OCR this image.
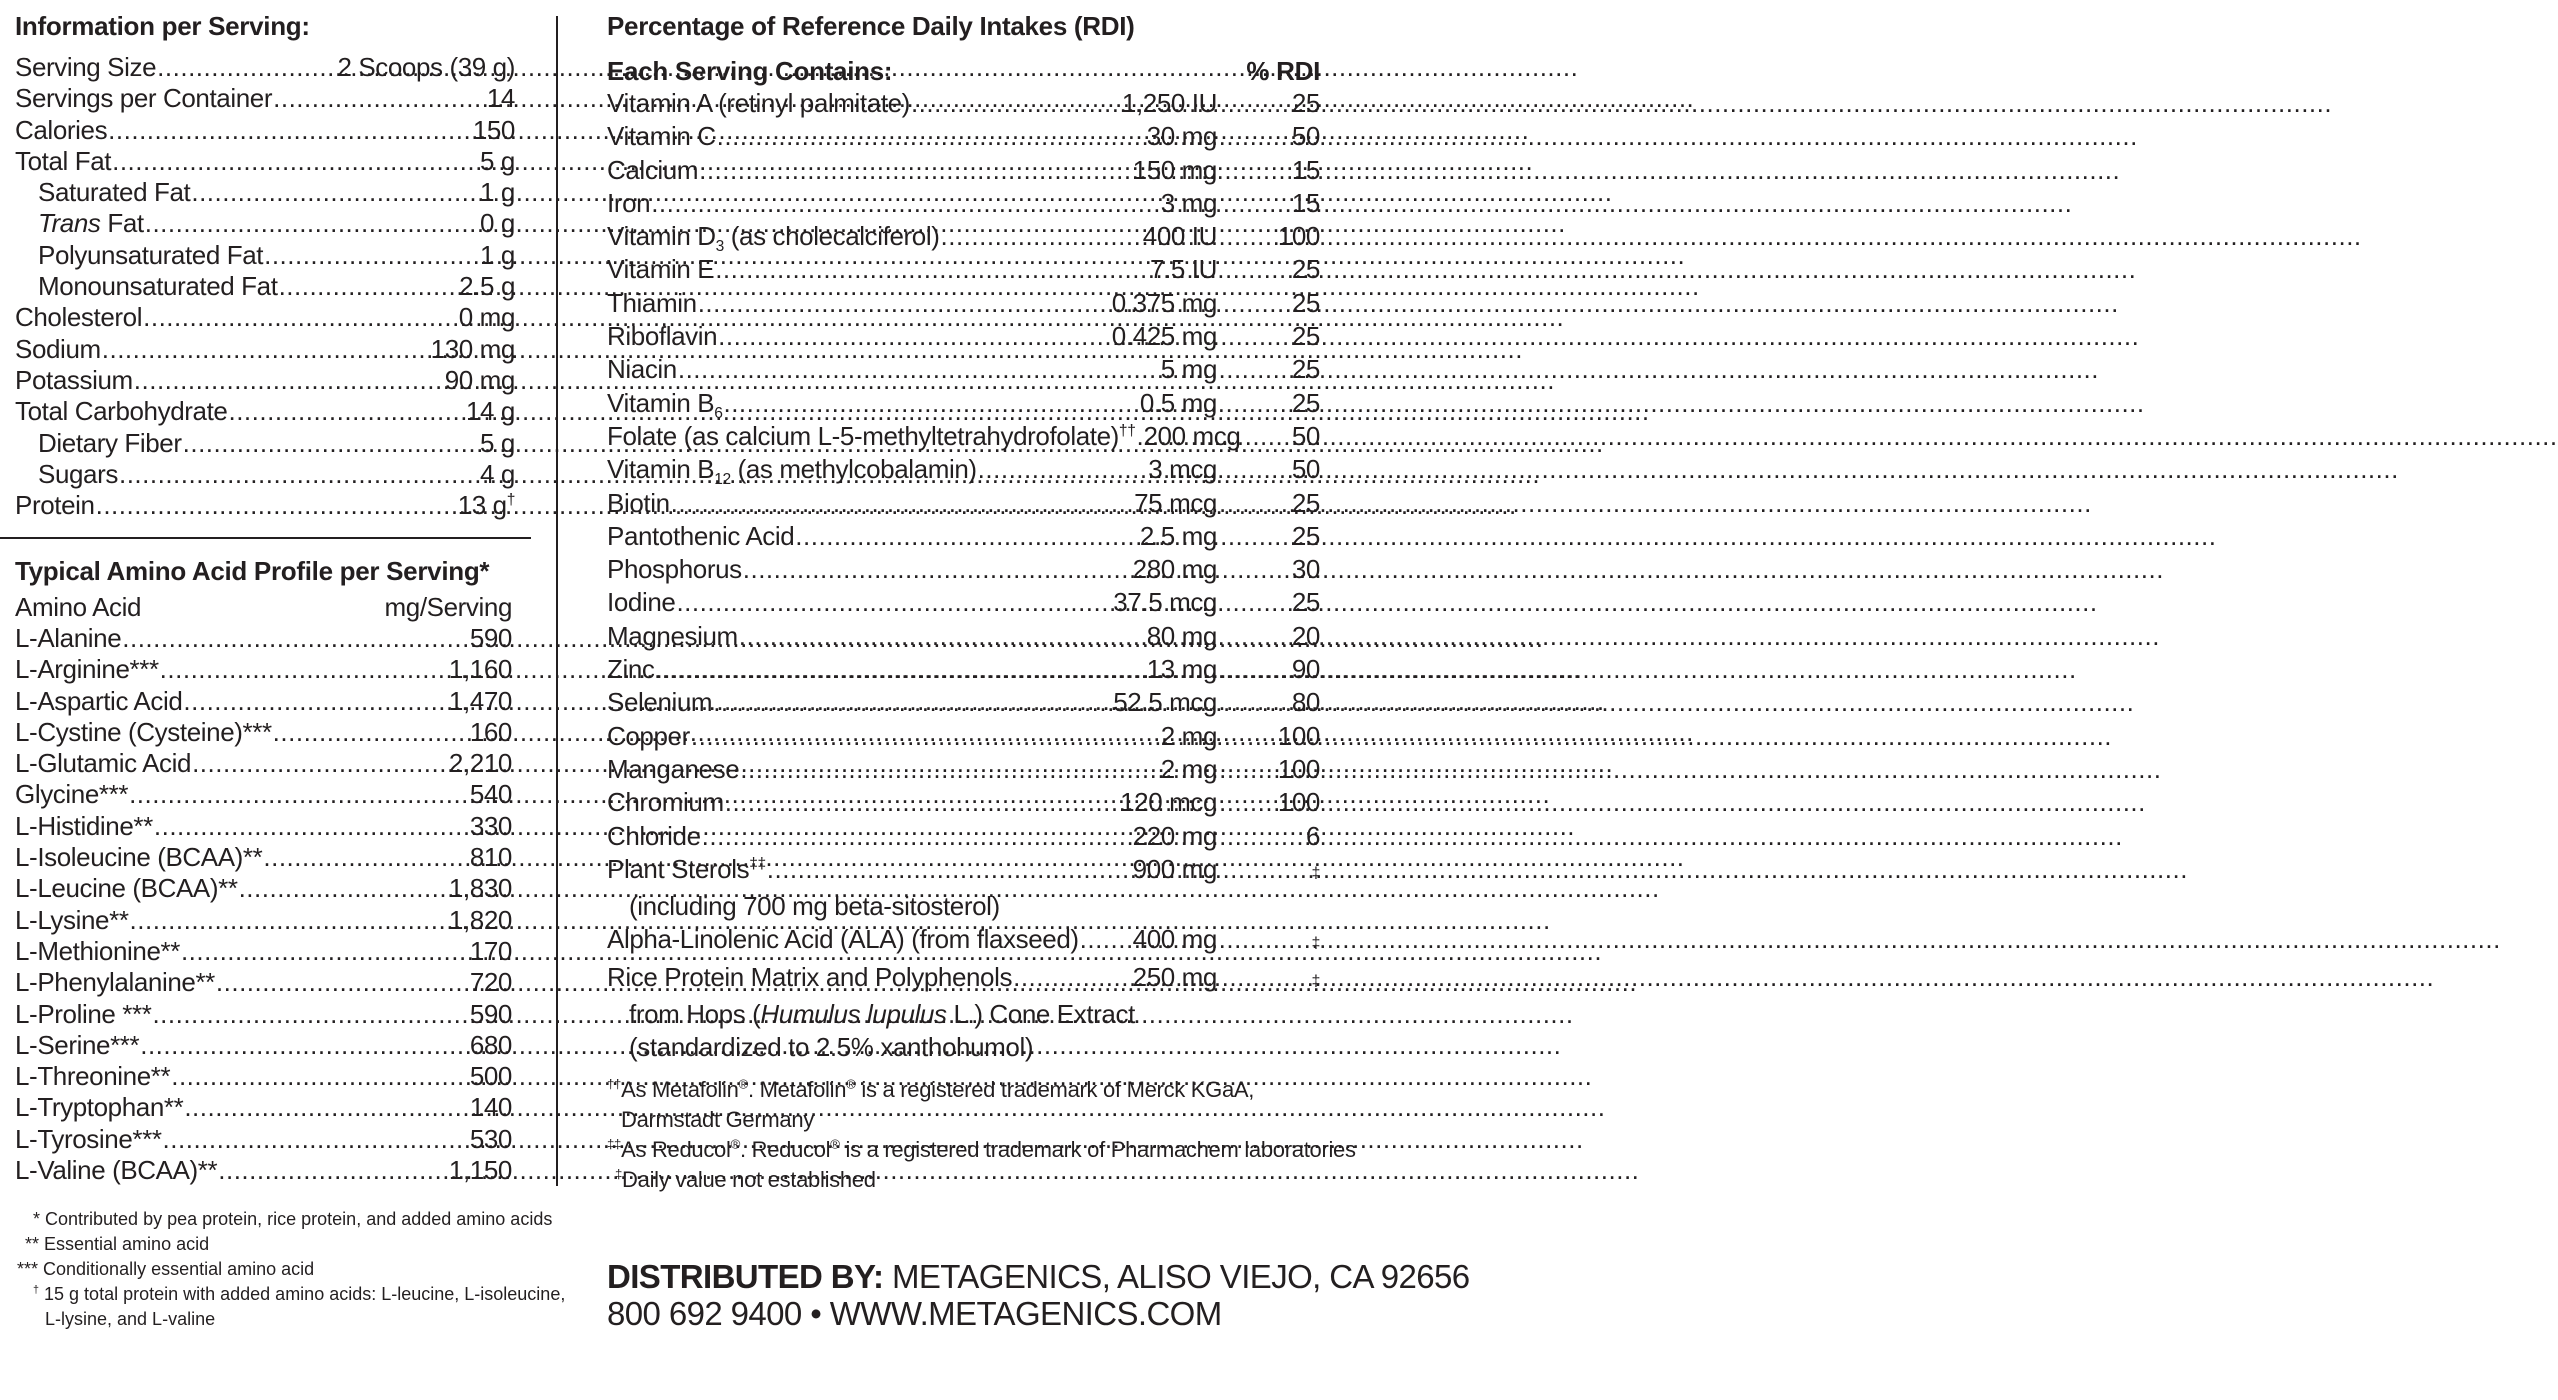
Information per Serving:
Serving Size .....	2 Scoops (39 g)
Servings per Container .....	14
Calories .....	150
Total Fat .....	5 g
Saturated Fat .....	1 g
Trans Fat .....	0 g
Polyunsaturated Fat .....	1 g
Monounsaturated Fat .....	2.5 g
Cholesterol .....	0 mg
Sodium .....	130 mg
Potassium .....	90 mg
Total Carbohydrate .....	14 g
Dietary Fiber .....	5 g
Sugars .....	4 g
Protein .....	13 g†
Typical Amino Acid Profile per Serving*
Amino Acid	mg/Serving
L-Alanine .....	590
L-Arginine*** .....	1,160
L-Aspartic Acid .....	1,470
L-Cystine (Cysteine)*** .....	160
L-Glutamic Acid .....	2,210
Glycine*** .....	540
L-Histidine** .....	330
L-Isoleucine (BCAA)** .....	810
L-Leucine (BCAA)** .....	1,830
L-Lysine** .....	1,820
L-Methionine** .....	170
L-Phenylalanine** .....	720
L-Proline *** .....	590
L-Serine*** .....	680
L-Threonine** .....	500
L-Tryptophan** .....	140
L-Tyrosine*** .....	530
L-Valine (BCAA)** .....	1,150
* Contributed by pea protein, rice protein, and added amino acids
** Essential amino acid
*** Conditionally essential amino acid
† 15 g total protein with added amino acids: L-leucine, L-isoleucine,
L-lysine, and L-valine
Percentage of Reference Daily Intakes (RDI)
Each Serving Contains:	% RDI
Vitamin A (retinyl palmitate) .....	1,250 IU	25
Vitamin C .....	30 mg	50
Calcium .....	150 mg	15
Iron .....	3 mg	15
Vitamin $D_3$ (as cholecalciferol) .....	400 IU	100
Vitamin E .....	7.5 IU	25
Thiamin .....	0.375 mg	25
Riboflavin .....	0.425 mg	25
Niacin .....	5 mg	25
Vitamin $B_6$ .....	0.5 mg	25
Folate (as calcium L-5-methyltetrahydrofolate)†† ..... 200 mcg	50
Vitamin $B_{12}$ (as methylcobalamin) .....	3 mcg	50
Biotin .....	75 mcg	25
Pantothenic Acid .....	2.5 mg	25
Phosphorus .....	280 mg	30
Iodine .....	37.5 mcg	25
Magnesium .....	80 mg	20
Zinc .....	13 mg	90
Selenium .....	52.5 mcg	80
Copper .....	2 mg	100
Manganese .....	2 mg	100
Chromium .....	120 mcg	100
Chloride .....	220 mg	6
Plant Sterols‡‡ .....	900 mg	‡
(including 700 mg beta-sitosterol)
Alpha-Linolenic Acid (ALA) (from flaxseed) ..... 400 mg	‡
Rice Protein Matrix and Polyphenols .....	250 mg	‡
from Hops (Humulus lupulus L.) Cone Extract
(standardized to 2.5% xanthohumol)
††As Metafolin®. Metafolin® is a registered trademark of Merck KGaA,
Darmstadt Germany
‡‡As Reducol®. Reducol® is a registered trademark of Pharmachem laboratories
‡Daily value not established
DISTRIBUTED BY: METAGENICS, ALISO VIEJO, CA 92656
800 692 9400 • WWW.METAGENICS.COM
